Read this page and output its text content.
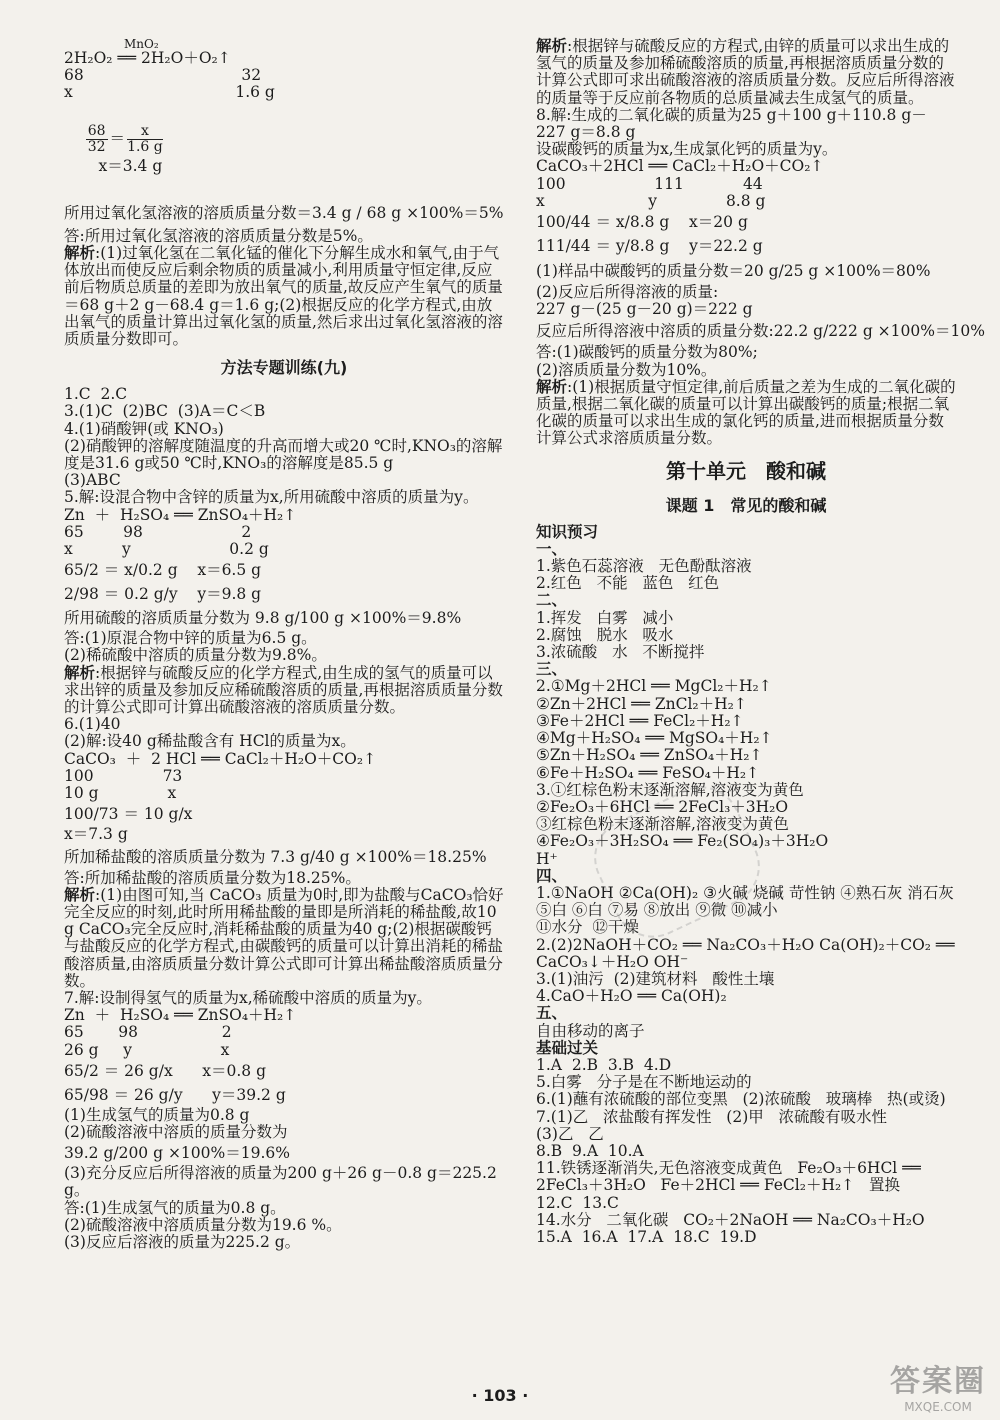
MnO₂
2H₂O₂ ══ 2H₂O＋O₂↑
68                                32
x                                 1.6 g

$\frac{68}{32} = \frac{x}{1.6 g}$

x＝3.4 g

所用过氧化氢溶液的溶质质量分数＝3.4 g / 68 g ×100%＝5%
答:所用过氧化氢溶液的溶质质量分数是5%。
解析:(1)过氧化氢在二氧化锰的催化下分解生成水和氧气,由于气体放出而使反应后剩余物质的质量减小,利用质量守恒定律,反应前后物质总质量的差即为放出氧气的质量,故反应产生氧气的质量＝68 g＋2 g－68.4 g＝1.6 g;(2)根据反应的化学方程式,由放出氧气的质量计算出过氧化氢的质量,然后求出过氧化氢溶液的溶质质量分数即可。
方法专题训练(九)
1.C  2.C
3.(1)C  (2)BC  (3)A＝C＜B
4.(1)硝酸钾(或 KNO₃)
(2)硝酸钾的溶解度随温度的升高而增大或20 ℃时,KNO₃的溶解度是31.6 g或50 ℃时,KNO₃的溶解度是85.5 g
(3)ABC
5.解:设混合物中含锌的质量为x,所用硫酸中溶质的质量为y。
Zn  ＋  H₂SO₄ ══ ZnSO₄＋H₂↑
65        98                    2
x          y                    0.2 g
65/2 ＝ x/0.2 g    x＝6.5 g
2/98 ＝ 0.2 g/y    y＝9.8 g
所用硫酸的溶质质量分数为 9.8 g/100 g ×100%＝9.8%
答:(1)原混合物中锌的质量为6.5 g。
(2)稀硫酸中溶质的质量分数为9.8%。
解析:根据锌与硫酸反应的化学方程式,由生成的氢气的质量可以求出锌的质量及参加反应稀硫酸溶质的质量,再根据溶质质量分数的计算公式即可计算出硫酸溶液的溶质质量分数。
6.(1)40
(2)解:设40 g稀盐酸含有 HCl的质量为x。
CaCO₃  ＋  2 HCl ══ CaCl₂＋H₂O＋CO₂↑
100              73
10 g              x
100/73 ＝ 10 g/x
x＝7.3 g
所加稀盐酸的溶质质量分数为 7.3 g/40 g ×100%＝18.25%
答:所加稀盐酸的溶质质量分数为18.25%。
解析:(1)由图可知,当 CaCO₃ 质量为0时,即为盐酸与CaCO₃恰好完全反应的时刻,此时所用稀盐酸的量即是所消耗的稀盐酸,故10 g CaCO₃完全反应时,消耗稀盐酸的质量为40 g;(2)根据碳酸钙与盐酸反应的化学方程式,由碳酸钙的质量可以计算出消耗的稀盐酸溶质量,由溶质质量分数计算公式即可计算出稀盐酸溶质质量分数。
7.解:设制得氢气的质量为x,稀硫酸中溶质的质量为y。
Zn  ＋  H₂SO₄ ══ ZnSO₄＋H₂↑
65       98                 2
26 g     y                  x
65/2 ＝ 26 g/x      x＝0.8 g
65/98 ＝ 26 g/y      y＝39.2 g
(1)生成氢气的质量为0.8 g
(2)硫酸溶液中溶质的质量分数为
39.2 g/200 g ×100%＝19.6%
(3)充分反应后所得溶液的质量为200 g＋26 g－0.8 g＝225.2 g。
答:(1)生成氢气的质量为0.8 g。
(2)硫酸溶液中溶质质量分数为19.6 %。
(3)反应后溶液的质量为225.2 g。
解析:根据锌与硫酸反应的方程式,由锌的质量可以求出生成的氢气的质量及参加稀硫酸溶质的质量,再根据溶质质量分数的计算公式即可求出硫酸溶液的溶质质量分数。反应后所得溶液的质量等于反应前各物质的总质量减去生成氢气的质量。
8.解:生成的二氧化碳的质量为25 g＋100 g＋110.8 g－227 g＝8.8 g
设碳酸钙的质量为x,生成氯化钙的质量为y。
CaCO₃＋2HCl ══ CaCl₂＋H₂O＋CO₂↑
100                  111            44
x                     y              8.8 g
100/44 ＝ x/8.8 g    x＝20 g
111/44 ＝ y/8.8 g    y＝22.2 g
(1)样品中碳酸钙的质量分数＝20 g/25 g ×100%＝80%
(2)反应后所得溶液的质量:
227 g－(25 g－20 g)＝222 g
反应后所得溶液中溶质的质量分数:22.2 g/222 g ×100%＝10%
答:(1)碳酸钙的质量分数为80%;
(2)溶质质量分数为10%。
解析:(1)根据质量守恒定律,前后质量之差为生成的二氧化碳的质量,根据二氧化碳的质量可以计算出碳酸钙的质量;根据二氧化碳的质量可以求出生成的氯化钙的质量,进而根据质量分数计算公式求溶质质量分数。
第十单元　酸和碱
课题 1　常见的酸和碱
知识预习
一、
1.紫色石蕊溶液   无色酚酞溶液
2.红色   不能   蓝色   红色
二、
1.挥发   白雾   减小
2.腐蚀   脱水   吸水
3.浓硫酸   水   不断搅拌
三、
2.①Mg＋2HCl ══ MgCl₂＋H₂↑
②Zn＋2HCl ══ ZnCl₂＋H₂↑
③Fe＋2HCl ══ FeCl₂＋H₂↑
④Mg＋H₂SO₄ ══ MgSO₄＋H₂↑
⑤Zn＋H₂SO₄ ══ ZnSO₄＋H₂↑
⑥Fe＋H₂SO₄ ══ FeSO₄＋H₂↑
3.①红棕色粉末逐渐溶解,溶液变为黄色
②Fe₂O₃＋6HCl ══ 2FeCl₃＋3H₂O
③红棕色粉末逐渐溶解,溶液变为黄色
④Fe₂O₃＋3H₂SO₄ ══ Fe₂(SO₄)₃＋3H₂O
H⁺
四、
1.①NaOH ②Ca(OH)₂ ③火碱 烧碱 苛性钠 ④熟石灰 消石灰 ⑤白 ⑥白 ⑦易 ⑧放出 ⑨微 ⑩减小
⑪水分  ⑫干燥
2.(2)2NaOH＋CO₂ ══ Na₂CO₃＋H₂O Ca(OH)₂＋CO₂ ══ CaCO₃↓＋H₂O OH⁻
3.(1)油污  (2)建筑材料   酸性土壤
4.CaO＋H₂O ══ Ca(OH)₂
五、
自由移动的离子
基础过关
1.A  2.B  3.B  4.D
5.白雾   分子是在不断地运动的
6.(1)蘸有浓硫酸的部位变黑   (2)浓硫酸   玻璃棒   热(或烫)
7.(1)乙   浓盐酸有挥发性   (2)甲   浓硫酸有吸水性
(3)乙   乙
8.B  9.A  10.A
11.铁锈逐渐消失,无色溶液变成黄色   Fe₂O₃＋6HCl ══
2FeCl₃＋3H₂O   Fe＋2HCl ══ FeCl₂＋H₂↑   置换
12.C  13.C
14.水分   二氧化碳   CO₂＋2NaOH ══ Na₂CO₃＋H₂O
15.A  16.A  17.A  18.C  19.D
· 103 ·	答案圈
MXQE.COM
